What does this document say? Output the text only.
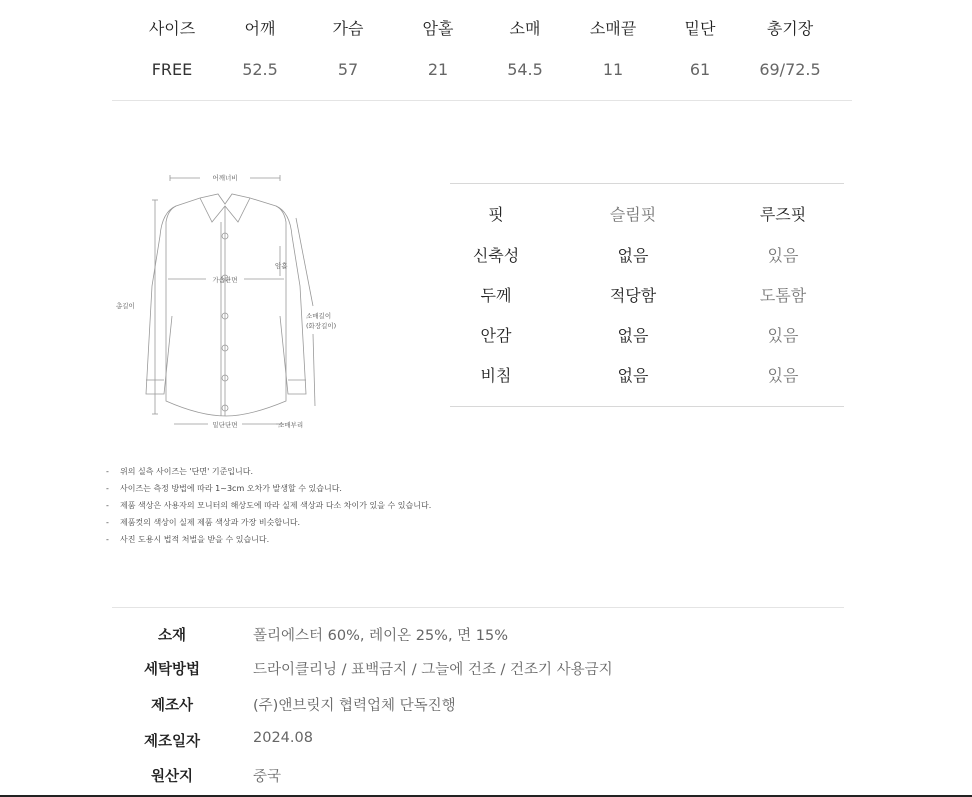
사이즈	어깨	가슴	암홀	소매	소매끝	밑단	총기장
FREE	52.5	57	21	54.5	11	61	69/72.5
어깨너비
가슴단면
암홀
총길이
소매길이
(화장길이)
밑단단면	소매부리
핏	슬림핏	루즈핏
신축성	없음	있음
두께	적당함	도톰함
안감	없음	있음
비침	없음	있음
- 위의 실측 사이즈는 '단면' 기준입니다.
- 사이즈는 측정 방법에 따라 1~3cm 오차가 발생할 수 있습니다.
- 제품 색상은 사용자의 모니터의 해상도에 따라 실제 색상과 다소 차이가 있을 수 있습니다.
- 제품컷의 색상이 실제 제품 색상과 가장 비슷합니다.
- 사진 도용시 법적 처벌을 받을 수 있습니다.
소재	폴리에스터 60%, 레이온 25%, 면 15%
세탁방법	드라이클리닝 / 표백금지 / 그늘에 건조 / 건조기 사용금지
제조사	(주)앤브릿지 협력업체 단독진행
제조일자	2024.08
원산지	중국
